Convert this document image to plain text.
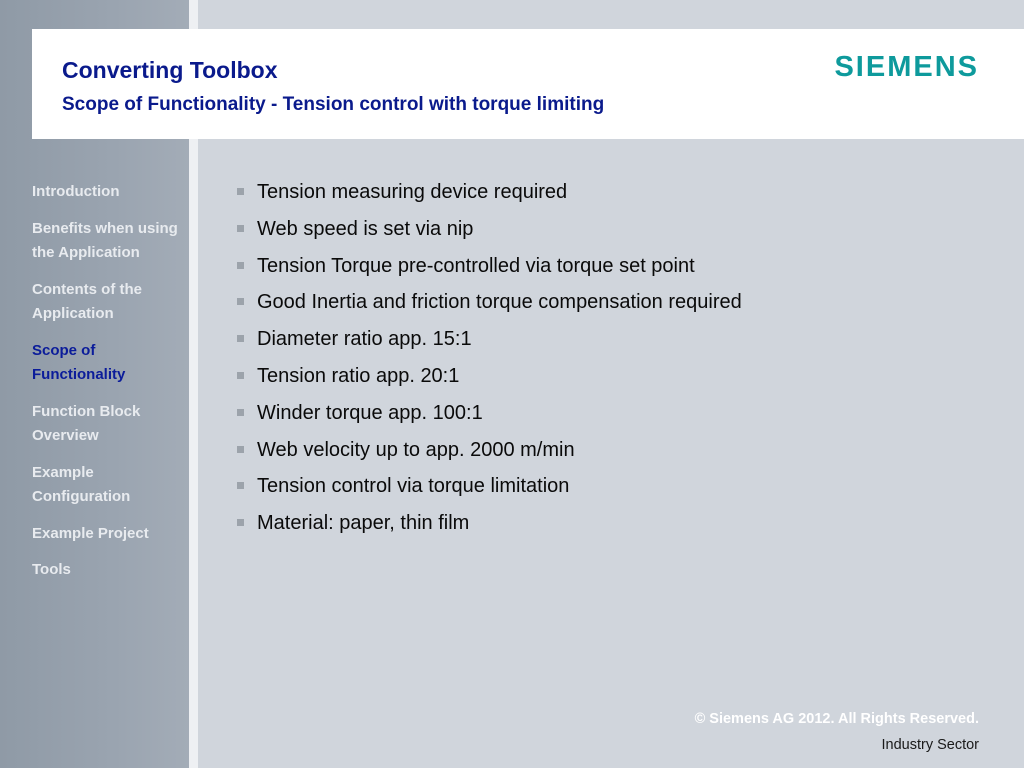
Converting Toolbox
Scope of Functionality - Tension control with torque limiting
SIEMENS
Introduction
Benefits when using the Application
Contents of the Application
Scope of Functionality
Function Block Overview
Example Configuration
Example Project
Tools
Tension measuring device required
Web speed is set via nip
Tension Torque pre-controlled via torque set point
Good Inertia and friction torque compensation required
Diameter ratio app. 15:1
Tension ratio app. 20:1
Winder torque app. 100:1
Web velocity up to app. 2000 m/min
Tension control via torque limitation
Material: paper, thin film
© Siemens AG 2012. All Rights Reserved.
Industry Sector
